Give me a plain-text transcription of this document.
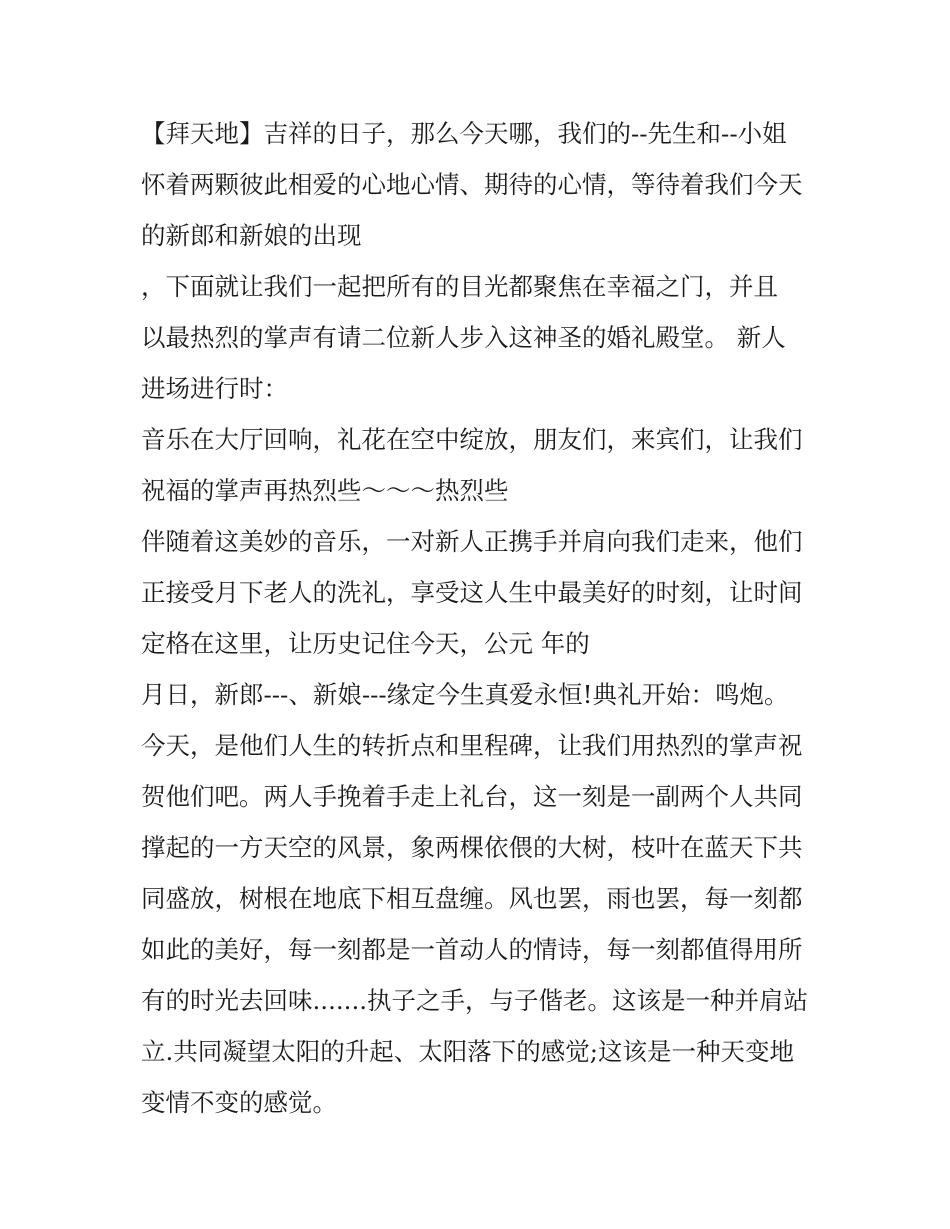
【拜天地】吉祥的日子，那么今天哪，我们的--先生和--小姐
怀着两颗彼此相爱的心地心情、期待的心情，等待着我们今天
的新郎和新娘的出现
，下面就让我们一起把所有的目光都聚焦在幸福之门，并且
以最热烈的掌声有请二位新人步入这神圣的婚礼殿堂。 新人
进场进行时：
音乐在大厅回响，礼花在空中绽放，朋友们，来宾们，让我们
祝福的掌声再热烈些～～～热烈些
伴随着这美妙的音乐，一对新人正携手并肩向我们走来，他们
正接受月下老人的洗礼，享受这人生中最美好的时刻，让时间
定格在这里，让历史记住今天，公元 年的
月日，新郎---、新娘---缘定今生真爱永恒!典礼开始：鸣炮。
今天，是他们人生的转折点和里程碑，让我们用热烈的掌声祝
贺他们吧。两人手挽着手走上礼台，这一刻是一副两个人共同
撑起的一方天空的风景，象两棵依偎的大树，枝叶在蓝天下共
同盛放，树根在地底下相互盘缠。风也罢，雨也罢，每一刻都
如此的美好，每一刻都是一首动人的情诗，每一刻都值得用所
有的时光去回味.......执子之手，与子偕老。这该是一种并肩站
立.共同凝望太阳的升起、太阳落下的感觉;这该是一种天变地
变情不变的感觉。
